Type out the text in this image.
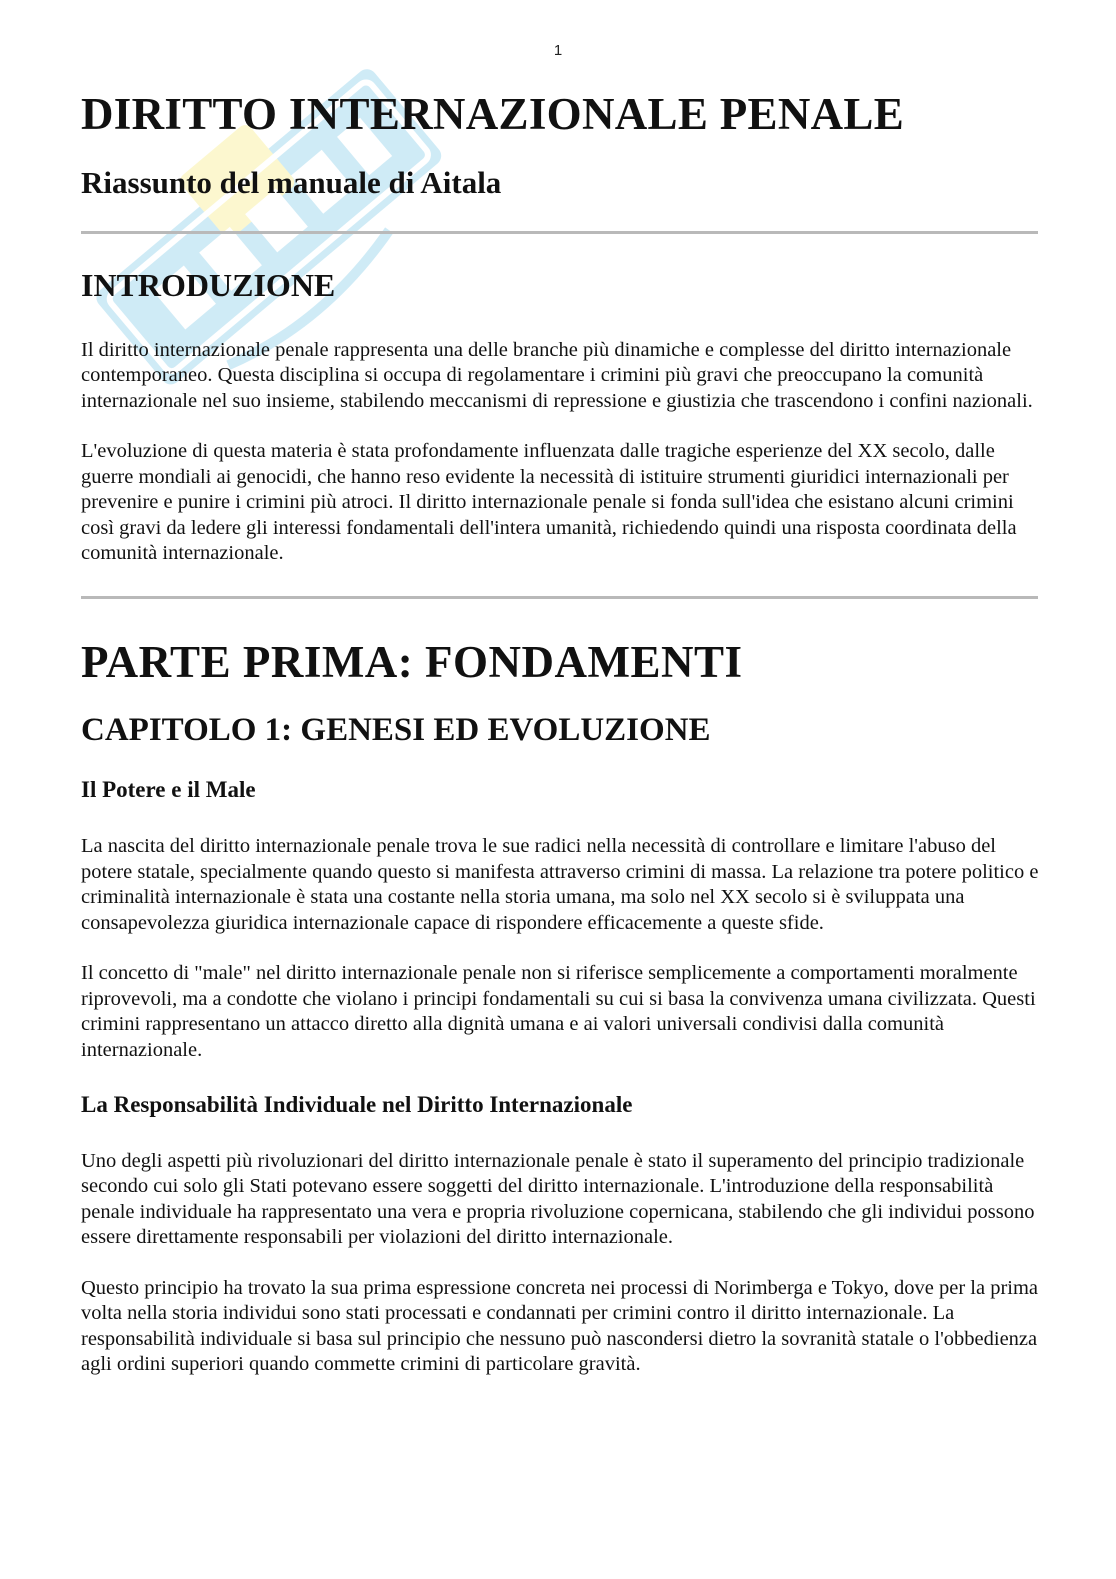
1
DIRITTO INTERNAZIONALE PENALE
Riassunto del manuale di Aitala
INTRODUZIONE

Il diritto internazionale penale rappresenta una delle branche più dinamiche e complesse del diritto internazionale contemporaneo. Questa disciplina si occupa di regolamentare i crimini più gravi che preoccupano la comunità internazionale nel suo insieme, stabilendo meccanismi di repressione e giustizia che trascendono i confini nazionali.

L'evoluzione di questa materia è stata profondamente influenzata dalle tragiche esperienze del XX secolo, dalle guerre mondiali ai genocidi, che hanno reso evidente la necessità di istituire strumenti giuridici internazionali per prevenire e punire i crimini più atroci. Il diritto internazionale penale si fonda sull'idea che esistano alcuni crimini così gravi da ledere gli interessi fondamentali dell'intera umanità, richiedendo quindi una risposta coordinata della comunità internazionale.

PARTE PRIMA: FONDAMENTI
CAPITOLO 1: GENESI ED EVOLUZIONE
Il Potere e il Male

La nascita del diritto internazionale penale trova le sue radici nella necessità di controllare e limitare l'abuso del potere statale, specialmente quando questo si manifesta attraverso crimini di massa. La relazione tra potere politico e criminalità internazionale è stata una costante nella storia umana, ma solo nel XX secolo si è sviluppata una consapevolezza giuridica internazionale capace di rispondere efficacemente a queste sfide.

Il concetto di "male" nel diritto internazionale penale non si riferisce semplicemente a comportamenti moralmente riprovevoli, ma a condotte che violano i principi fondamentali su cui si basa la convivenza umana civilizzata. Questi crimini rappresentano un attacco diretto alla dignità umana e ai valori universali condivisi dalla comunità internazionale.

La Responsabilità Individuale nel Diritto Internazionale

Uno degli aspetti più rivoluzionari del diritto internazionale penale è stato il superamento del principio tradizionale secondo cui solo gli Stati potevano essere soggetti del diritto internazionale. L'introduzione della responsabilità penale individuale ha rappresentato una vera e propria rivoluzione copernicana, stabilendo che gli individui possono essere direttamente responsabili per violazioni del diritto internazionale.

Questo principio ha trovato la sua prima espressione concreta nei processi di Norimberga e Tokyo, dove per la prima volta nella storia individui sono stati processati e condannati per crimini contro il diritto internazionale. La responsabilità individuale si basa sul principio che nessuno può nascondersi dietro la sovranità statale o l'obbedienza agli ordini superiori quando commette crimini di particolare gravità.
